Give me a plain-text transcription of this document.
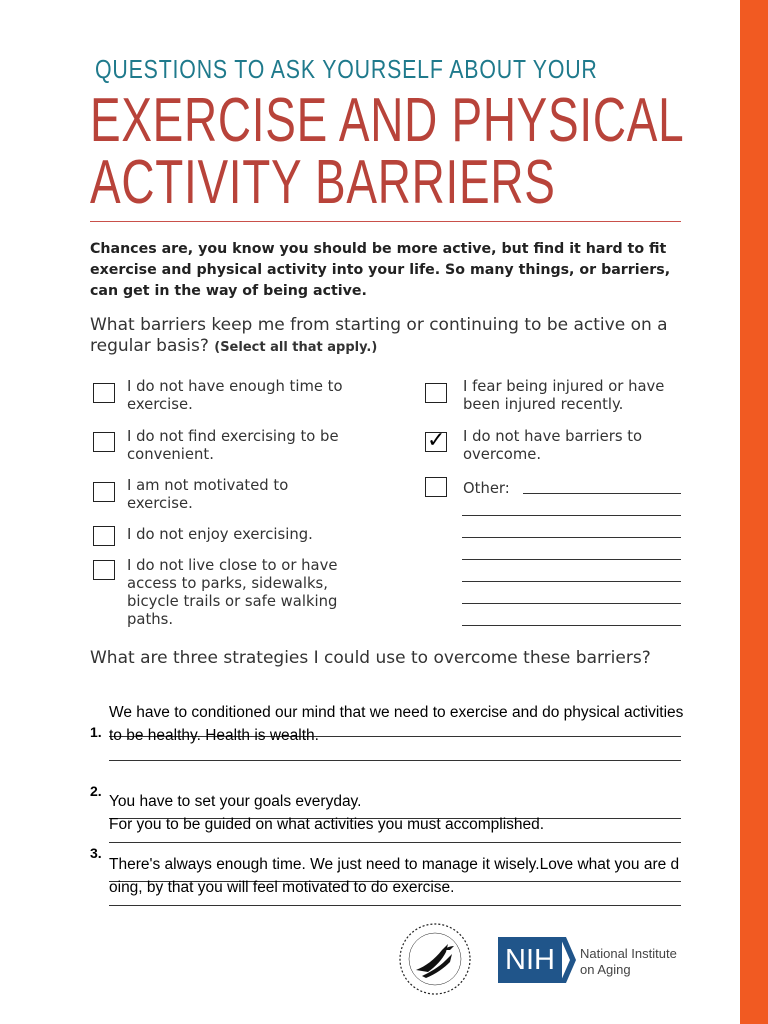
QUESTIONS TO ASK YOURSELF ABOUT YOUR
EXERCISE AND PHYSICAL
ACTIVITY BARRIERS
Chances are, you know you should be more active, but find it hard to fit exercise and physical activity into your life. So many things, or barriers, can get in the way of being active.
What barriers keep me from starting or continuing to be active on a regular basis? (Select all that apply.)
I do not have enough time to exercise.
I do not find exercising to be convenient.
I am not motivated to exercise.
I do not enjoy exercising.
I do not live close to or have access to parks, sidewalks, bicycle trails or safe walking paths.
I fear being injured or have been injured recently.
✓ I do not have barriers to overcome.
Other:
What are three strategies I could use to overcome these barriers?
1.
We have to conditioned our mind that we need to exercise and do physical activities to be healthy. Health is wealth.
2.
You have to set your goals everyday.
For you to be guided on what activities you must accomplished.
3.
There's always enough time. We just need to manage it wisely.Love what you are doing, by that you will feel motivated to do exercise.
NIH	National Institute
on Aging
